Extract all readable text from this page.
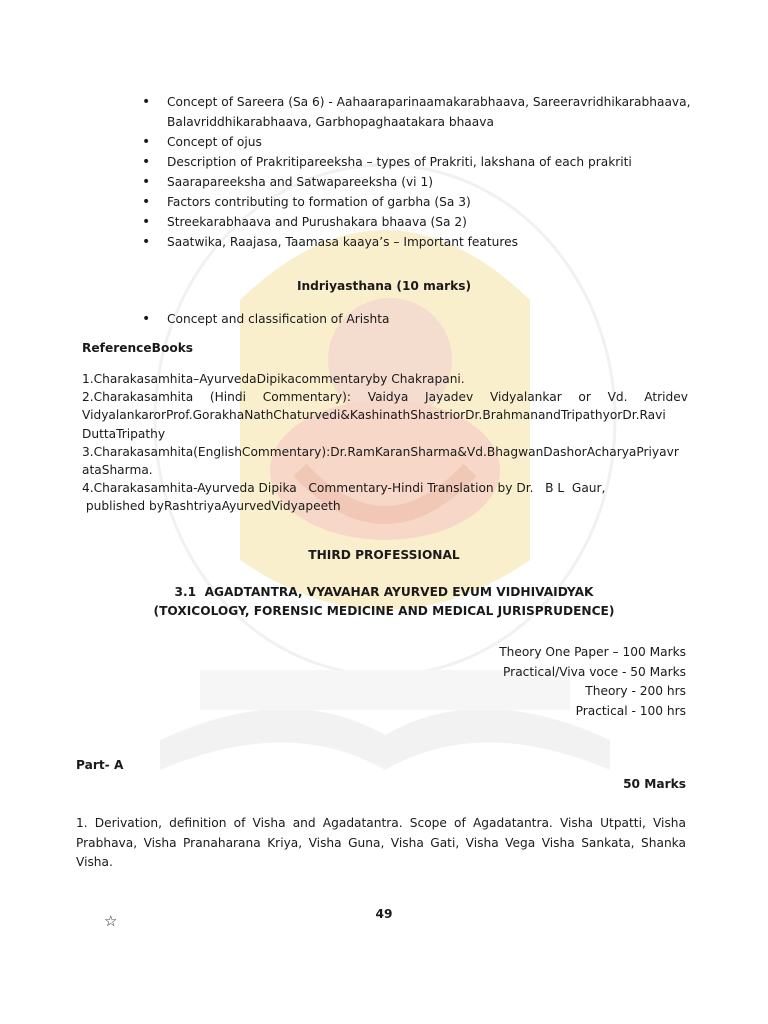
• Concept of Sareera (Sa 6) - Aahaaraparinaamakarabhaava, Sareeravridhikarabhaava, Balavriddhikarabhaava, Garbhopaghaatakara bhaava
• Concept of ojus
• Description of Prakritipareeksha – types of Prakriti, lakshana of each prakriti
• Saarapareeksha and Satwapareeksha (vi 1)
• Factors contributing to formation of garbha (Sa 3)
• Streekarabhaava and Purushakara bhaava (Sa 2)
• Saatwika, Raajasa, Taamasa kaaya’s – Important features
Indriyasthana (10 marks)
• Concept and classification of Arishta
ReferenceBooks

1.Charakasamhita–AyurvedaDipikacommentaryby Chakrapani.

2.Charakasamhita (Hindi Commentary): Vaidya Jayadev Vidyalankar or Vd. Atridev VidyalankarorProf.GorakhaNathChaturvedi&KashinathShastriorDr.BrahmanandTripathyorDr.Ravi DuttaTripathy

3.Charakasamhita(EnglishCommentary):Dr.RamKaranSharma&Vd.BhagwanDashorAcharyaPriyavr ataSharma.

4.Charakasamhita-Ayurveda Dipika   Commentary-Hindi Translation by Dr.   B L  Gaur,

published byRashtriyaAyurvedVidyapeeth

THIRD PROFESSIONAL
3.1  AGADTANTRA, VYAVAHAR AYURVED EVUM VIDHIVAIDYAK
(TOXICOLOGY, FORENSIC MEDICINE AND MEDICAL JURISPRUDENCE)
Theory One Paper – 100 Marks
Practical/Viva voce - 50 Marks
Theory - 200 hrs
Practical - 100 hrs
Part- A
50 Marks
1. Derivation, definition of Visha and Agadatantra. Scope of Agadatantra. Visha Utpatti, Visha Prabhava, Visha Pranaharana Kriya, Visha Guna, Visha Gati, Visha Vega Visha Sankata, Shanka Visha.
49
☆
